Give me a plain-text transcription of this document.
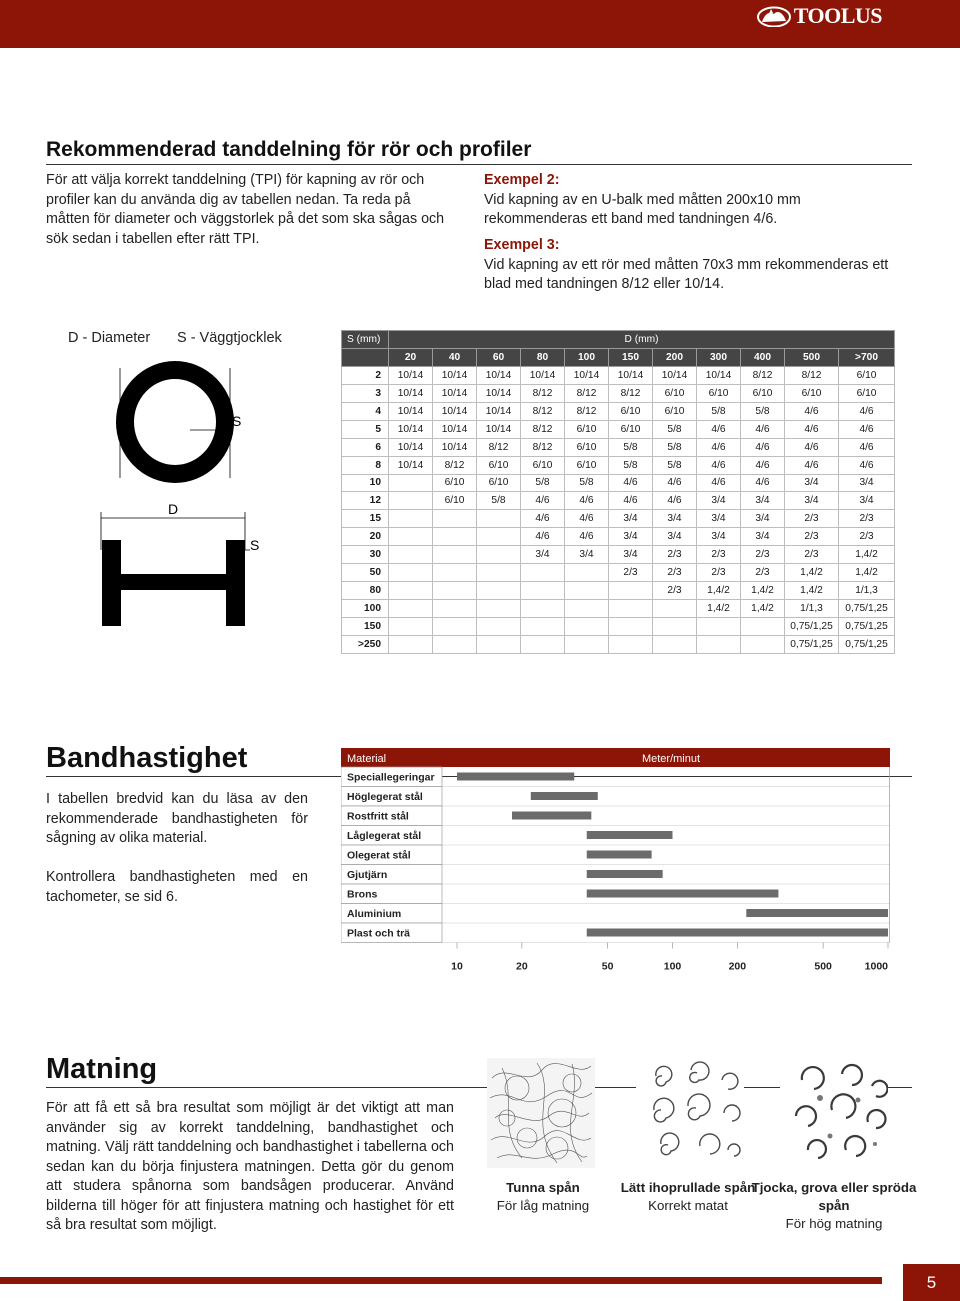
TOOLUS
Rekommenderad tanddelning för rör och profiler
För att välja korrekt tanddelning (TPI) för kapning av rör och profiler kan du använda dig av tabellen nedan. Ta reda på måtten för diameter och väggstorlek på det som ska sågas och sök sedan i tabellen efter rätt TPI.
Exempel 2:
Vid kapning av en U-balk med måtten 200x10 mm rekommenderas ett band med tandningen 4/6.
Exempel 3:
Vid kapning av ett rör med måtten 70x3 mm rekommenderas ett blad med tandningen 8/12 eller 10/14.
D - Diameter S - Väggtjocklek
S
D
S
S (mm)	D (mm)										
	20	40	60	80	100	150	200	300	400	500	>700
2	10/14	10/14	10/14	10/14	10/14	10/14	10/14	10/14	8/12	8/12	6/10
3	10/14	10/14	10/14	8/12	8/12	8/12	6/10	6/10	6/10	6/10	6/10
4	10/14	10/14	10/14	8/12	8/12	6/10	6/10	5/8	5/8	4/6	4/6
5	10/14	10/14	10/14	8/12	6/10	6/10	5/8	4/6	4/6	4/6	4/6
6	10/14	10/14	8/12	8/12	6/10	5/8	5/8	4/6	4/6	4/6	4/6
8	10/14	8/12	6/10	6/10	6/10	5/8	5/8	4/6	4/6	4/6	4/6
10		6/10	6/10	5/8	5/8	4/6	4/6	4/6	4/6	3/4	3/4
12		6/10	5/8	4/6	4/6	4/6	4/6	3/4	3/4	3/4	3/4
15				4/6	4/6	3/4	3/4	3/4	3/4	2/3	2/3
20				4/6	4/6	3/4	3/4	3/4	3/4	2/3	2/3
30				3/4	3/4	3/4	2/3	2/3	2/3	2/3	1,4/2
50						2/3	2/3	2/3	2/3	1,4/2	1,4/2
80							2/3	1,4/2	1,4/2	1,4/2	1/1,3
100								1,4/2	1,4/2	1/1,3	0,75/1,25
150										0,75/1,25	0,75/1,25
>250										0,75/1,25	0,75/1,25
Bandhastighet
I tabellen bredvid kan du läsa av den rekommenderade bandhastigheten för sågning av olika material.
Kontrollera bandhastigheten med en tachometer, se sid 6.
Material	Meter/minut
Speciallegeringar
Höglegerat stål
Rostfritt stål
Låglegerat stål
Olegerat stål
Gjutjärn
Brons
Aluminium
Plast och trä
10	20	50	100	200	500	1000
Matning
För att få ett så bra resultat som möjligt är det viktigt att man använder sig av korrekt tanddelning, bandhastighet och matning. Välj rätt tanddelning och bandhastighet i tabellerna och sedan kan du börja finjustera matningen. Detta gör du genom att studera spånorna som bandsågen producerar. Använd bilderna till höger för att finjustera matning och hastighet för ett så bra resultat som möjligt.
Tunna spån
För låg matning
Lätt ihoprullade spån
Korrekt matat
Tjocka, grova eller spröda spån
För hög matning
5
